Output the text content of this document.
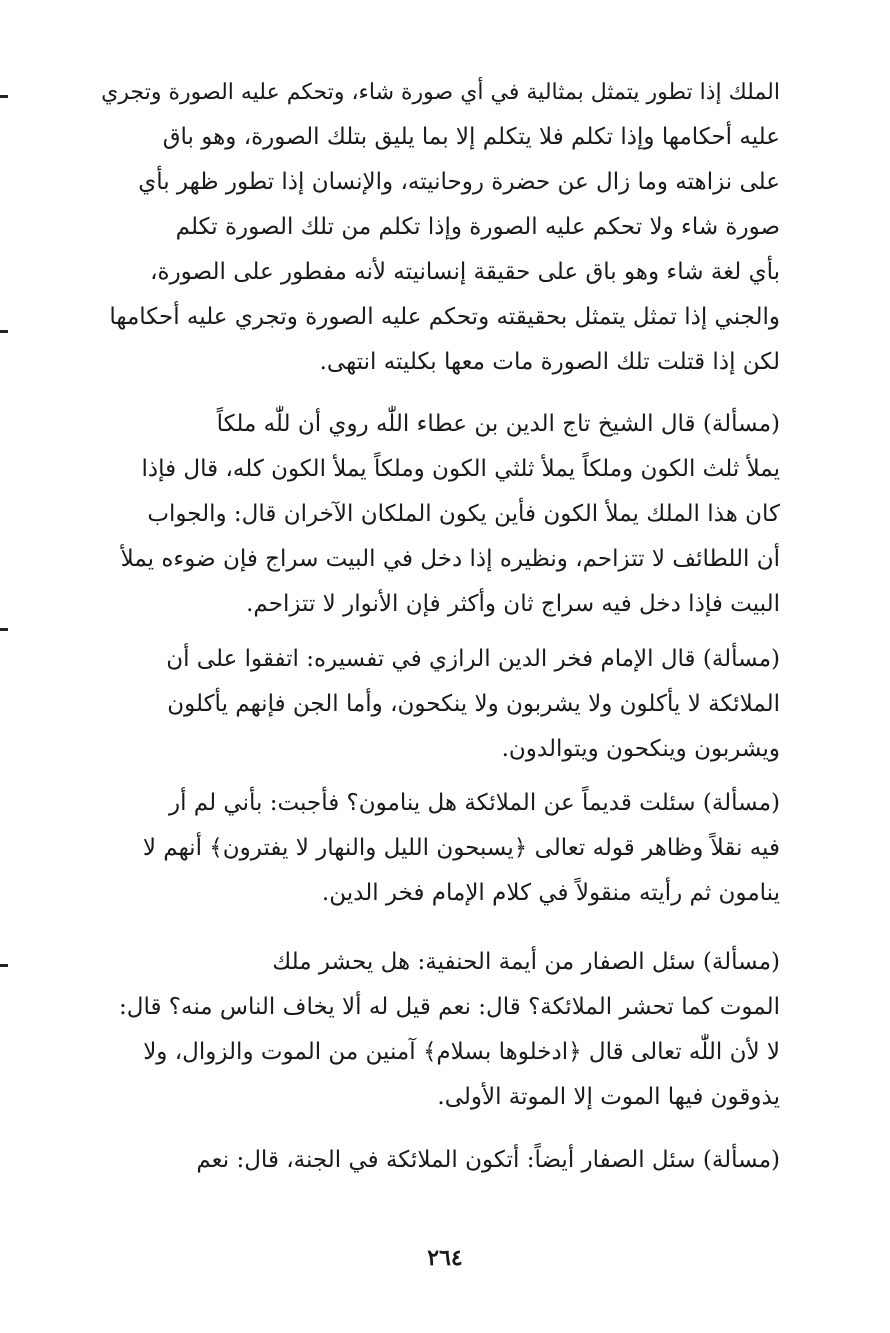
الملك إذا تطور يتمثل بمثالية في أي صورة شاء، وتحكم عليه الصورة وتجري
عليه أحكامها وإذا تكلم فلا يتكلم إلا بما يليق بتلك الصورة، وهو باق
على نزاهته وما زال عن حضرة روحانيته، والإنسان إذا تطور ظهر بأي
صورة شاء ولا تحكم عليه الصورة وإذا تكلم من تلك الصورة تكلم
بأي لغة شاء وهو باق على حقيقة إنسانيته لأنه مفطور على الصورة،
والجني إذا تمثل يتمثل بحقيقته وتحكم عليه الصورة وتجري عليه أحكامها
لكن إذا قتلت تلك الصورة مات معها بكليته انتهى.

(مسألة) قال الشيخ تاج الدين بن عطاء اللّٰه روي أن للّٰه ملكاً
يملأ ثلث الكون وملكاً يملأ ثلثي الكون وملكاً يملأ الكون كله، قال فإذا
كان هذا الملك يملأ الكون فأين يكون الملكان الآخران قال: والجواب
أن اللطائف لا تتزاحم، ونظيره إذا دخل في البيت سراج فإن ضوءه يملأ
البيت فإذا دخل فيه سراج ثان وأكثر فإن الأنوار لا تتزاحم.

(مسألة) قال الإمام فخر الدين الرازي في تفسيره: اتفقوا على أن
الملائكة لا يأكلون ولا يشربون ولا ينكحون، وأما الجن فإنهم يأكلون
ويشربون وينكحون ويتوالدون.

(مسألة) سئلت قديماً عن الملائكة هل ينامون؟ فأجبت: بأني لم أر
فيه نقلاً وظاهر قوله تعالى ﴿يسبحون الليل والنهار لا يفترون﴾ أنهم لا
ينامون ثم رأيته منقولاً في كلام الإمام فخر الدين.

(مسألة) سئل الصفار من أيمة الحنفية: هل يحشر ملك
الموت كما تحشر الملائكة؟ قال: نعم قيل له ألا يخاف الناس منه؟ قال:
لا لأن اللّٰه تعالى قال ﴿ادخلوها بسلام﴾ آمنين من الموت والزوال، ولا
يذوقون فيها الموت إلا الموتة الأولى.

(مسألة) سئل الصفار أيضاً: أتكون الملائكة في الجنة، قال: نعم

٢٦٤
